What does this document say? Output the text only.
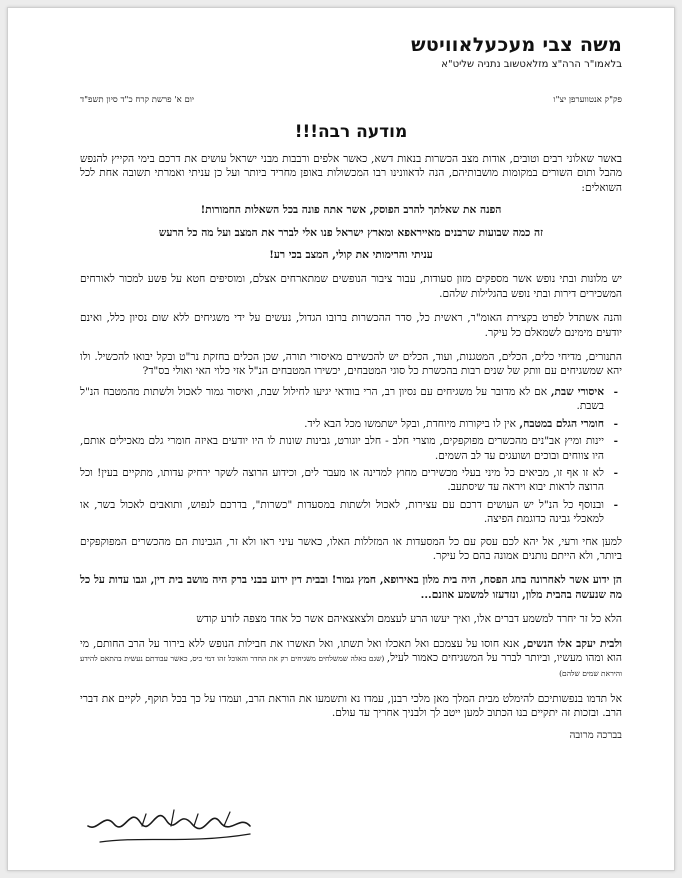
משה צבי מעכעלאוויטש

בלאמו"ר הרה"צ מזלאטשוב נתניה שליט"א

פק"ק אנטווערפן יצ"ו
יום א' פרשת קרח כ"ד סיון תשפ"ד
מודעה רבה!!!

באשר שאלוני רבים וטובים, אודות מצב הכשרות בנאות דשא, כאשר אלפים ורבבות מבני ישראל עושים את דרכם בימי הקייץ להנפש מהבל ותום השורים במקומות מושבותיהם, הנה לדאוונינו רבו המכשולות באופן מחריד ביותר ועל כן עניתי ואמרתי תשובה אחת לכל השואלים:

הפנה את שאלתך להרב הפוסק, אשר אתה פונה בכל השאלות החמורות!

זה כמה שבועות שרבנים מאייראפא ומארץ ישראל פנו אלי לברר את המצב ועל מה כל הרעש

עניתי והרימותי את קולי, המצב בכי רע!

יש מלונות ובתי נופש אשר מספקים מזון סעודות, עבור ציבור הנופשים שמתארחים אצלם, ומוסיפים חטא על פשע למכור לאורחים המשכירים דירות ובתי נופש בהגלילות שלהם.

והנה אשתדל לפרט בקצירת האומ"ר, ראשית כל, סדר ההכשרות ברובו הגדול, נעשים על ידי משגיחים ללא שום נסיון כלל, ואינם יודעים מימינם לשמאלם כל עיקר.

התנורים, מדיחי כלים, הכלים, המטגנות, ועוד, הכלים יש להכשירם מאיסורי תורה, שכן הכלים בחזקת נר"ט ובקל יבואו להכשיל. ולו יהא שמשגיחים עם וותק של שנים רבות בהכשרת כל סוגי המטבחים, יכשירו המטבחים הנ"ל אזי כלוי האי ואולי בס"ד?

- איסורי שבת, אם לא מדובר על משגיחים עם נסיון רב, הרי בוודאי יגיעו לחילול שבת, ואיסור גמור לאכול ולשתות מהמטבח הנ"ל בשבת.
- חומרי הגלם במטבח, אין לו ביקורות מיוחדת, ובקל ישתמשו מכל הבא ליד.
- יינות ומיץ אב"נים מהכשרים מפוקפקים, מוצרי חלב - חלב יוגורט, גבינות שונות לו היו יודעים באיזה חומרי גלם מאכילים אותם, היו צווחים ובוכים ושועגים עד לב השמים.
- לא זו אף זו, מביאים כל מיני בעלי מכשירים מחוץ למדינה או מעבר לים, וכידוע הרוצה לשקר ירחיק עדותו, מתקיים בעין! וכל הרוצה לראות יבוא ויראה עד שיסתעב.
- ובנוסף כל הנ"ל יש העושים דרכם עם עצירות, לאכול ולשתות במסעדות "כשרות", בדרכם לנפוש, ותואבים לאכול בשר, או למאכלי גבינה כדוגמת הפיצה.

למען אחי ורעי, אל יהא לכם עסק עם כל המסעדות או המזללות האלו, כאשר עיני ראו ולא זר, הגבינות הם מהכשרים המפוקפקים ביותר, ולא הייתם נותנים אמונה בהם כל עיקר.

הן ידוע אשר לאחרונה בחג הפסח, היה בית מלון באירופא, חמץ גמור! ובבית דין ידוע בבני ברק היה מושב בית דין, וגבו עדות על כל מה שנעשה בהבית מלון, ונזדעזו למשמע אוזנם...

הלא כל זר יחרד למשמע דברים אלו, ואיך יעשו הרע לעצמם ולצאצאיהם אשר כל אחד מצפה לזרע קודש

ולבית יעקב אלו הנשים, אנא חוסו על עצמכם ואל תאכלו ואל תשתו, ואל תאשרו את חבילות הנופש ללא בירור על הרב החותם, מי הוא ומהו מעשיו, וביותר לברר על המשגיחים כאמור לעיל, (שגם כאלה שמשלחים משגיחים רק את החדר והאוכל זהו דמי כיס, כאשר עבודתם נעשית בהתאם להידע והיראת שמים שלהם)

אל תדמו בנפשותיכם להימלט מבית המלך מאן מלכי רבנן, עמדו נא ותשמעו את הוראת הרב, ועמדו על כך בכל תוקף, לקיים את דברי הרב. ובזכות זה יתקיים בנו הכתוב למען ייטב לך ולבניך אחריך עד עולם.

בברכה מרובה
